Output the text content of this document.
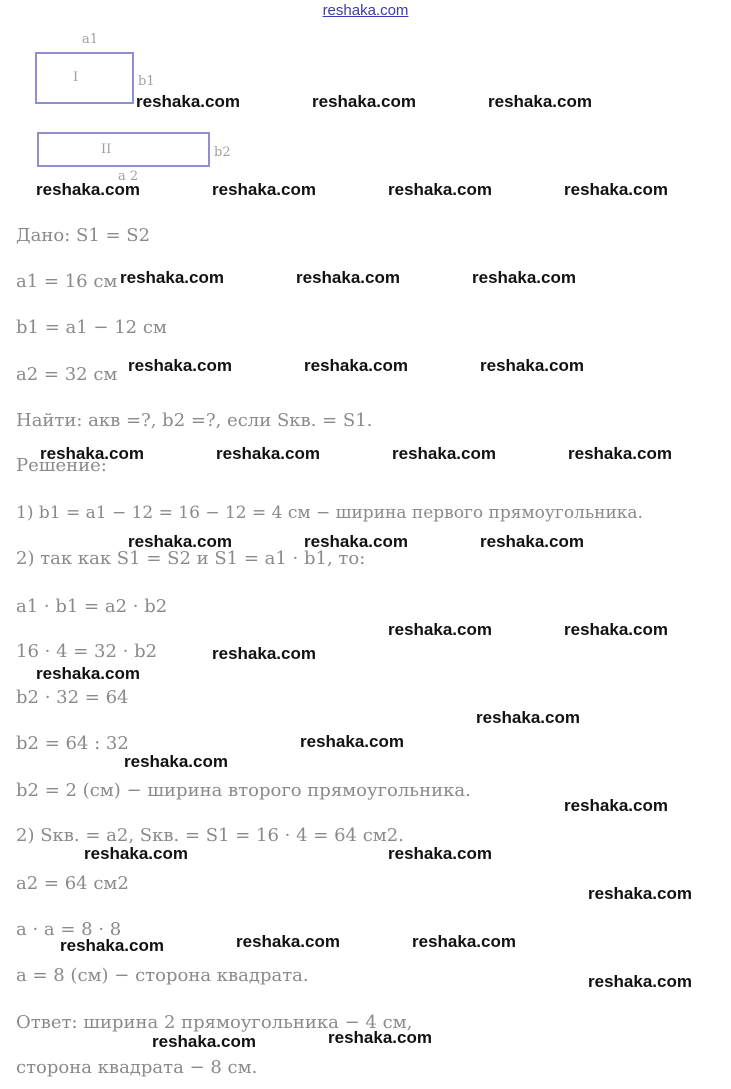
reshaka.com
a1
I	b1
II	b2
a 2
Дано: S1 = S2
a1 = 16 см
b1 = a1 − 12 см
a2 = 32 см
Найти: aкв =?, b2 =?, если Sкв. = S1.
Решение:
1) b1 = a1 − 12 = 16 − 12 = 4 см − ширина первого прямоугольника.
2) так как S1 = S2 и S1 = a1 · b1, то:
a1 · b1 = a2 · b2
16 · 4 = 32 · b2
b2 · 32 = 64
b2 = 64 : 32
b2 = 2 (см) − ширина второго прямоугольника.
2) Sкв. = a2, Sкв. = S1 = 16 · 4 = 64 см2.
a2 = 64 см2
a · a = 8 · 8
a = 8 (см) − сторона квадрата.
Ответ: ширина 2 прямоугольника − 4 см,
сторона квадрата − 8 см.
reshaka.com	reshaka.com	reshaka.com
reshaka.com	reshaka.com	reshaka.com	reshaka.com
reshaka.com	reshaka.com	reshaka.com
reshaka.com	reshaka.com	reshaka.com
reshaka.com	reshaka.com	reshaka.com	reshaka.com
reshaka.com	reshaka.com	reshaka.com
reshaka.com	reshaka.com
reshaka.com
reshaka.com
reshaka.com
reshaka.com
reshaka.com
reshaka.com
reshaka.com
reshaka.com
reshaka.com
reshaka.com	reshaka.com
reshaka.com
reshaka.com
reshaka.com	reshaka.com
